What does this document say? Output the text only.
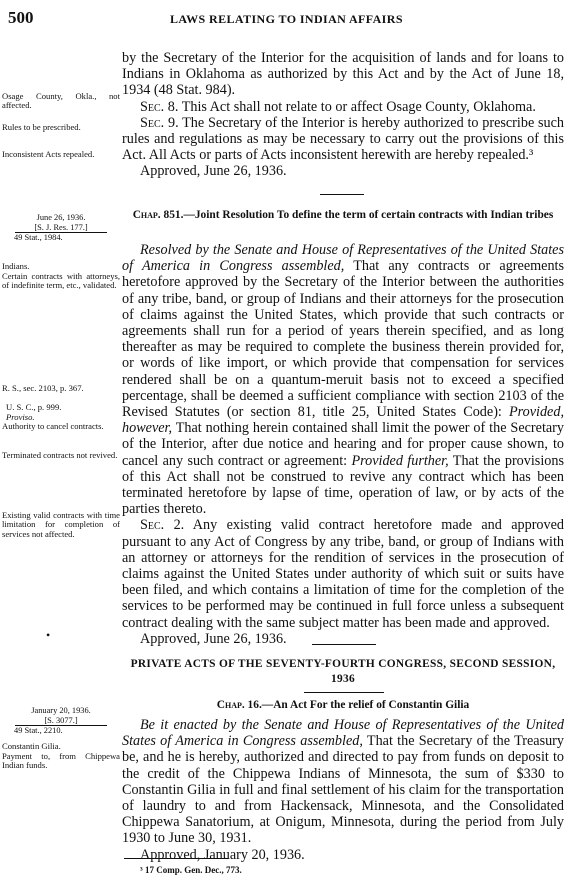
500	LAWS RELATING TO INDIAN AFFAIRS

by the Secretary of the Interior for the acquisition of lands and for loans to Indians in Oklahoma as authorized by this Act and by the Act of June 18, 1934 (48 Stat. 984).

Sec. 8. This Act shall not relate to or affect Osage County, Oklahoma.

Sec. 9. The Secretary of the Interior is hereby authorized to prescribe such rules and regulations as may be necessary to carry out the provisions of this Act. All Acts or parts of Acts inconsistent herewith are hereby repealed.³

Approved, June 26, 1936.

Osage County, Okla., not affected.
Rules to be prescribed.
Inconsistent Acts repealed.
June 26, 1936.
[S. J. Res. 177.]
49 Stat., 1984.
Chap. 851.—Joint Resolution To define the term of certain contracts with Indian tribes

Resolved by the Senate and House of Representatives of the United States of America in Congress assembled, That any contracts or agreements heretofore approved by the Secretary of the Interior between the authorities of any tribe, band, or group of Indians and their attorneys for the prosecution of claims against the United States, which provide that such contracts or agreements shall run for a period of years therein specified, and as long thereafter as may be required to complete the business therein provided for, or words of like import, or which provide that compensation for services rendered shall be on a quantum-meruit basis not to exceed a specified percentage, shall be deemed a sufficient compliance with section 2103 of the Revised Statutes (or section 81, title 25, United States Code): Provided, however, That nothing herein contained shall limit the power of the Secretary of the Interior, after due notice and hearing and for proper cause shown, to cancel any such contract or agreement: Provided further, That the provisions of this Act shall not be construed to revive any contract which has been terminated heretofore by lapse of time, operation of law, or by acts of the parties thereto.

Sec. 2. Any existing valid contract heretofore made and approved pursuant to any Act of Congress by any tribe, band, or group of Indians with an attorney or attorneys for the rendition of services in the prosecution of claims against the United States under authority of which suit or suits have been filed, and which contains a limitation of time for the completion of the services to be performed may be continued in full force unless a subsequent contract dealing with the same subject matter has been made and approved.

Approved, June 26, 1936.

Indians.
Certain contracts with attorneys, of indefinite term, etc., validated.
R. S., sec. 2103, p. 367.
U. S. C., p. 999.
Proviso.
Authority to cancel contracts.
Terminated contracts not revived.
Existing valid contracts with time limitation for completion of services not affected.
•
PRIVATE ACTS OF THE SEVENTY-FOURTH CONGRESS, SECOND SESSION, 1936
January 20, 1936.
[S. 3077.]
49 Stat., 2210.
Chap. 16.—An Act For the relief of Constantin Gilia

Be it enacted by the Senate and House of Representatives of the United States of America in Congress assembled, That the Secretary of the Treasury be, and he is hereby, authorized and directed to pay from funds on deposit to the credit of the Chippewa Indians of Minnesota, the sum of $330 to Constantin Gilia in full and final settlement of his claim for the transportation of laundry to and from Hackensack, Minnesota, and the Consolidated Chippewa Sanatorium, at Onigum, Minnesota, during the period from July 1930 to June 30, 1931.

Approved, January 20, 1936.

Constantin Gilia.
Payment to, from Chippewa Indian funds.
³ 17 Comp. Gen. Dec., 773.
